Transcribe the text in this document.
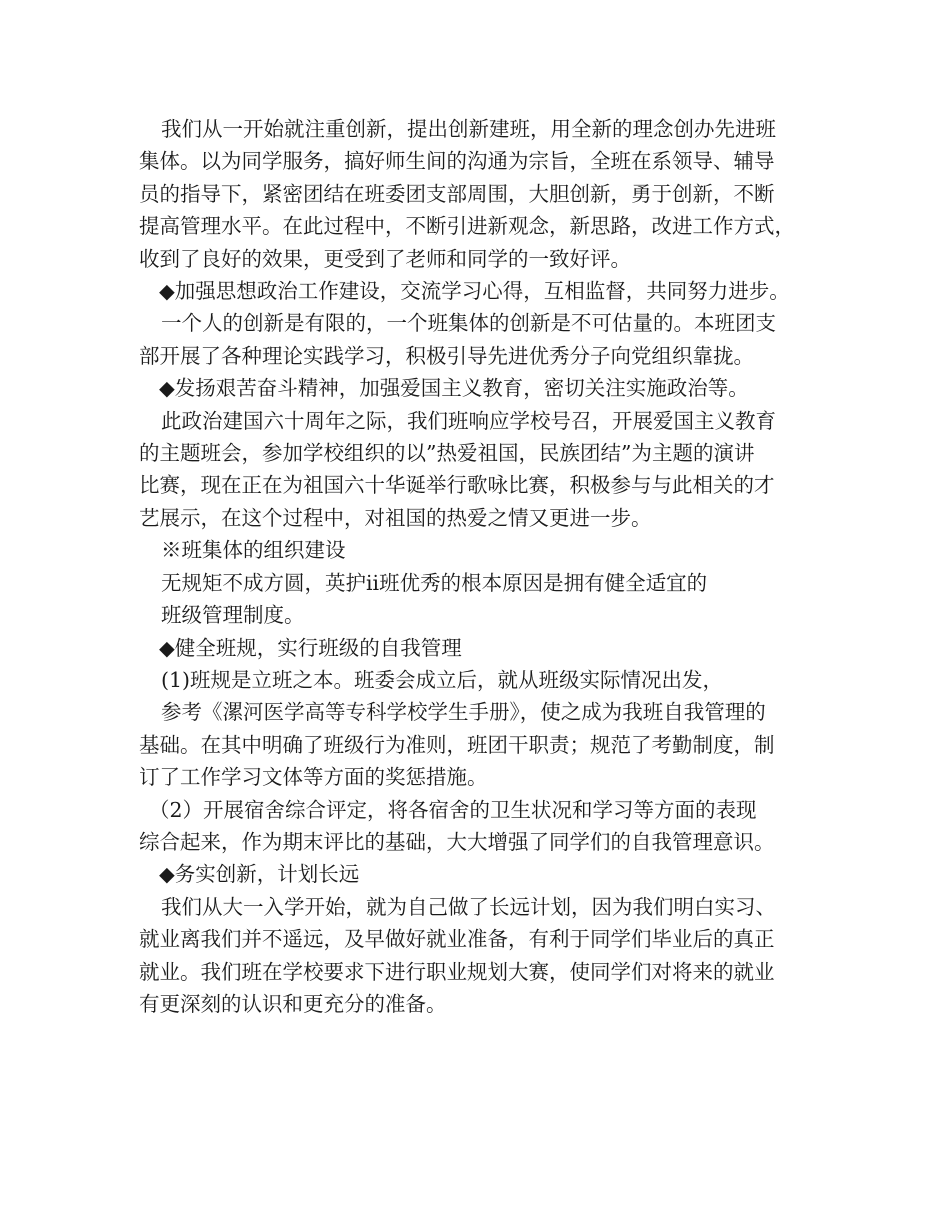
我们从一开始就注重创新，提出创新建班，用全新的理念创办先进班
集体。以为同学服务，搞好师生间的沟通为宗旨，全班在系领导、辅导
员的指导下，紧密团结在班委团支部周围，大胆创新，勇于创新，不断
提高管理水平。在此过程中，不断引进新观念，新思路，改进工作方式，
收到了良好的效果，更受到了老师和同学的一致好评。
◆加强思想政治工作建设，交流学习心得，互相监督，共同努力进步。
一个人的创新是有限的，一个班集体的创新是不可估量的。本班团支
部开展了各种理论实践学习，积极引导先进优秀分子向党组织靠拢。
◆发扬艰苦奋斗精神，加强爱国主义教育，密切关注实施政治等。
此政治建国六十周年之际，我们班响应学校号召，开展爱国主义教育
的主题班会，参加学校组织的以”热爱祖国，民族团结”为主题的演讲
比赛，现在正在为祖国六十华诞举行歌咏比赛，积极参与与此相关的才
艺展示，在这个过程中，对祖国的热爱之情又更进一步。
※班集体的组织建设
无规矩不成方圆，英护ii班优秀的根本原因是拥有健全适宜的
班级管理制度。
◆健全班规，实行班级的自我管理
(1)班规是立班之本。班委会成立后，就从班级实际情况出发，
参考《漯河医学高等专科学校学生手册》，使之成为我班自我管理的
基础。在其中明确了班级行为准则，班团干职责；规范了考勤制度，制
订了工作学习文体等方面的奖惩措施。
（2）开展宿舍综合评定，将各宿舍的卫生状况和学习等方面的表现
综合起来，作为期末评比的基础，大大增强了同学们的自我管理意识。
◆务实创新，计划长远
我们从大一入学开始，就为自己做了长远计划，因为我们明白实习、
就业离我们并不遥远，及早做好就业准备，有利于同学们毕业后的真正
就业。我们班在学校要求下进行职业规划大赛，使同学们对将来的就业
有更深刻的认识和更充分的准备。
